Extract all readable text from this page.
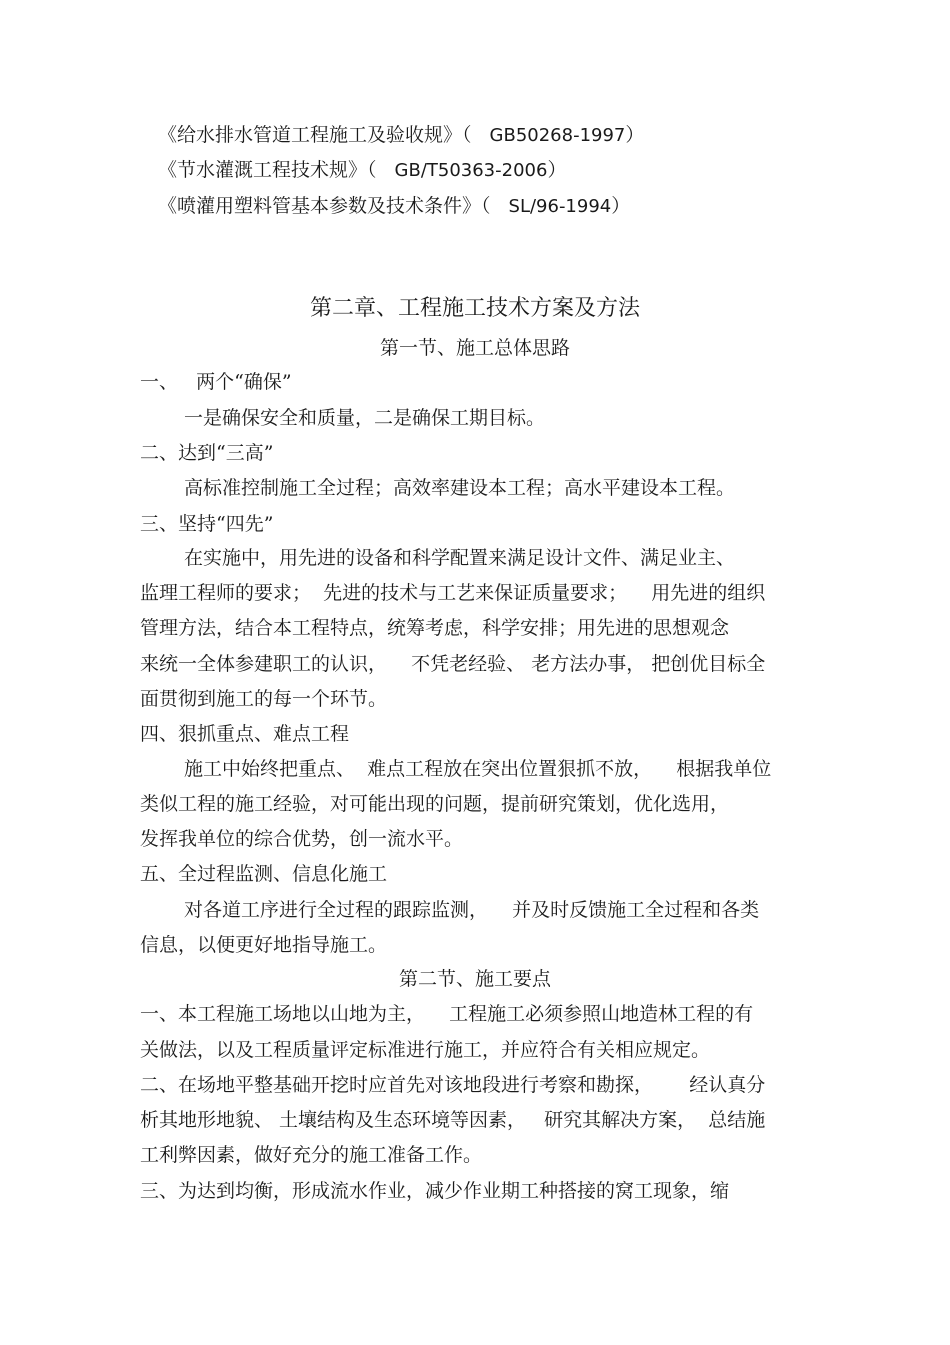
《给水排水管道工程施工及验收规》（ GB50268-1997）
《节水灌溉工程技术规》（ GB/T50363-2006）
《喷灌用塑料管基本参数及技术条件》（ SL/96-1994）
第二章、工程施工技术方案及方法
第一节、施工总体思路
一、   两个“确保”
一是确保安全和质量，二是确保工期目标。
二、达到“三高”
高标准控制施工全过程；高效率建设本工程；高水平建设本工程。
三、坚持“四先”
在实施中，用先进的设备和科学配置来满足设计文件、满足业主、
监理工程师的要求；  先进的技术与工艺来保证质量要求；    用先进的组织
管理方法，结合本工程特点，统筹考虑，科学安排；用先进的思想观念
来统一全体参建职工的认识，    不凭老经验、 老方法办事， 把创优目标全
面贯彻到施工的每一个环节。
四、狠抓重点、难点工程
施工中始终把重点、  难点工程放在突出位置狠抓不放，    根据我单位
类似工程的施工经验，对可能出现的问题，提前研究策划，优化选用，
发挥我单位的综合优势，创一流水平。
五、全过程监测、信息化施工
对各道工序进行全过程的跟踪监测，    并及时反馈施工全过程和各类
信息，以便更好地指导施工。
第二节、施工要点
一、本工程施工场地以山地为主，    工程施工必须参照山地造林工程的有
关做法，以及工程质量评定标准进行施工，并应符合有关相应规定。
二、在场地平整基础开挖时应首先对该地段进行考察和勘探，      经认真分
析其地形地貌、 土壤结构及生态环境等因素，   研究其解决方案，  总结施
工利弊因素，做好充分的施工准备工作。
三、为达到均衡，形成流水作业，减少作业期工种搭接的窝工现象，缩
